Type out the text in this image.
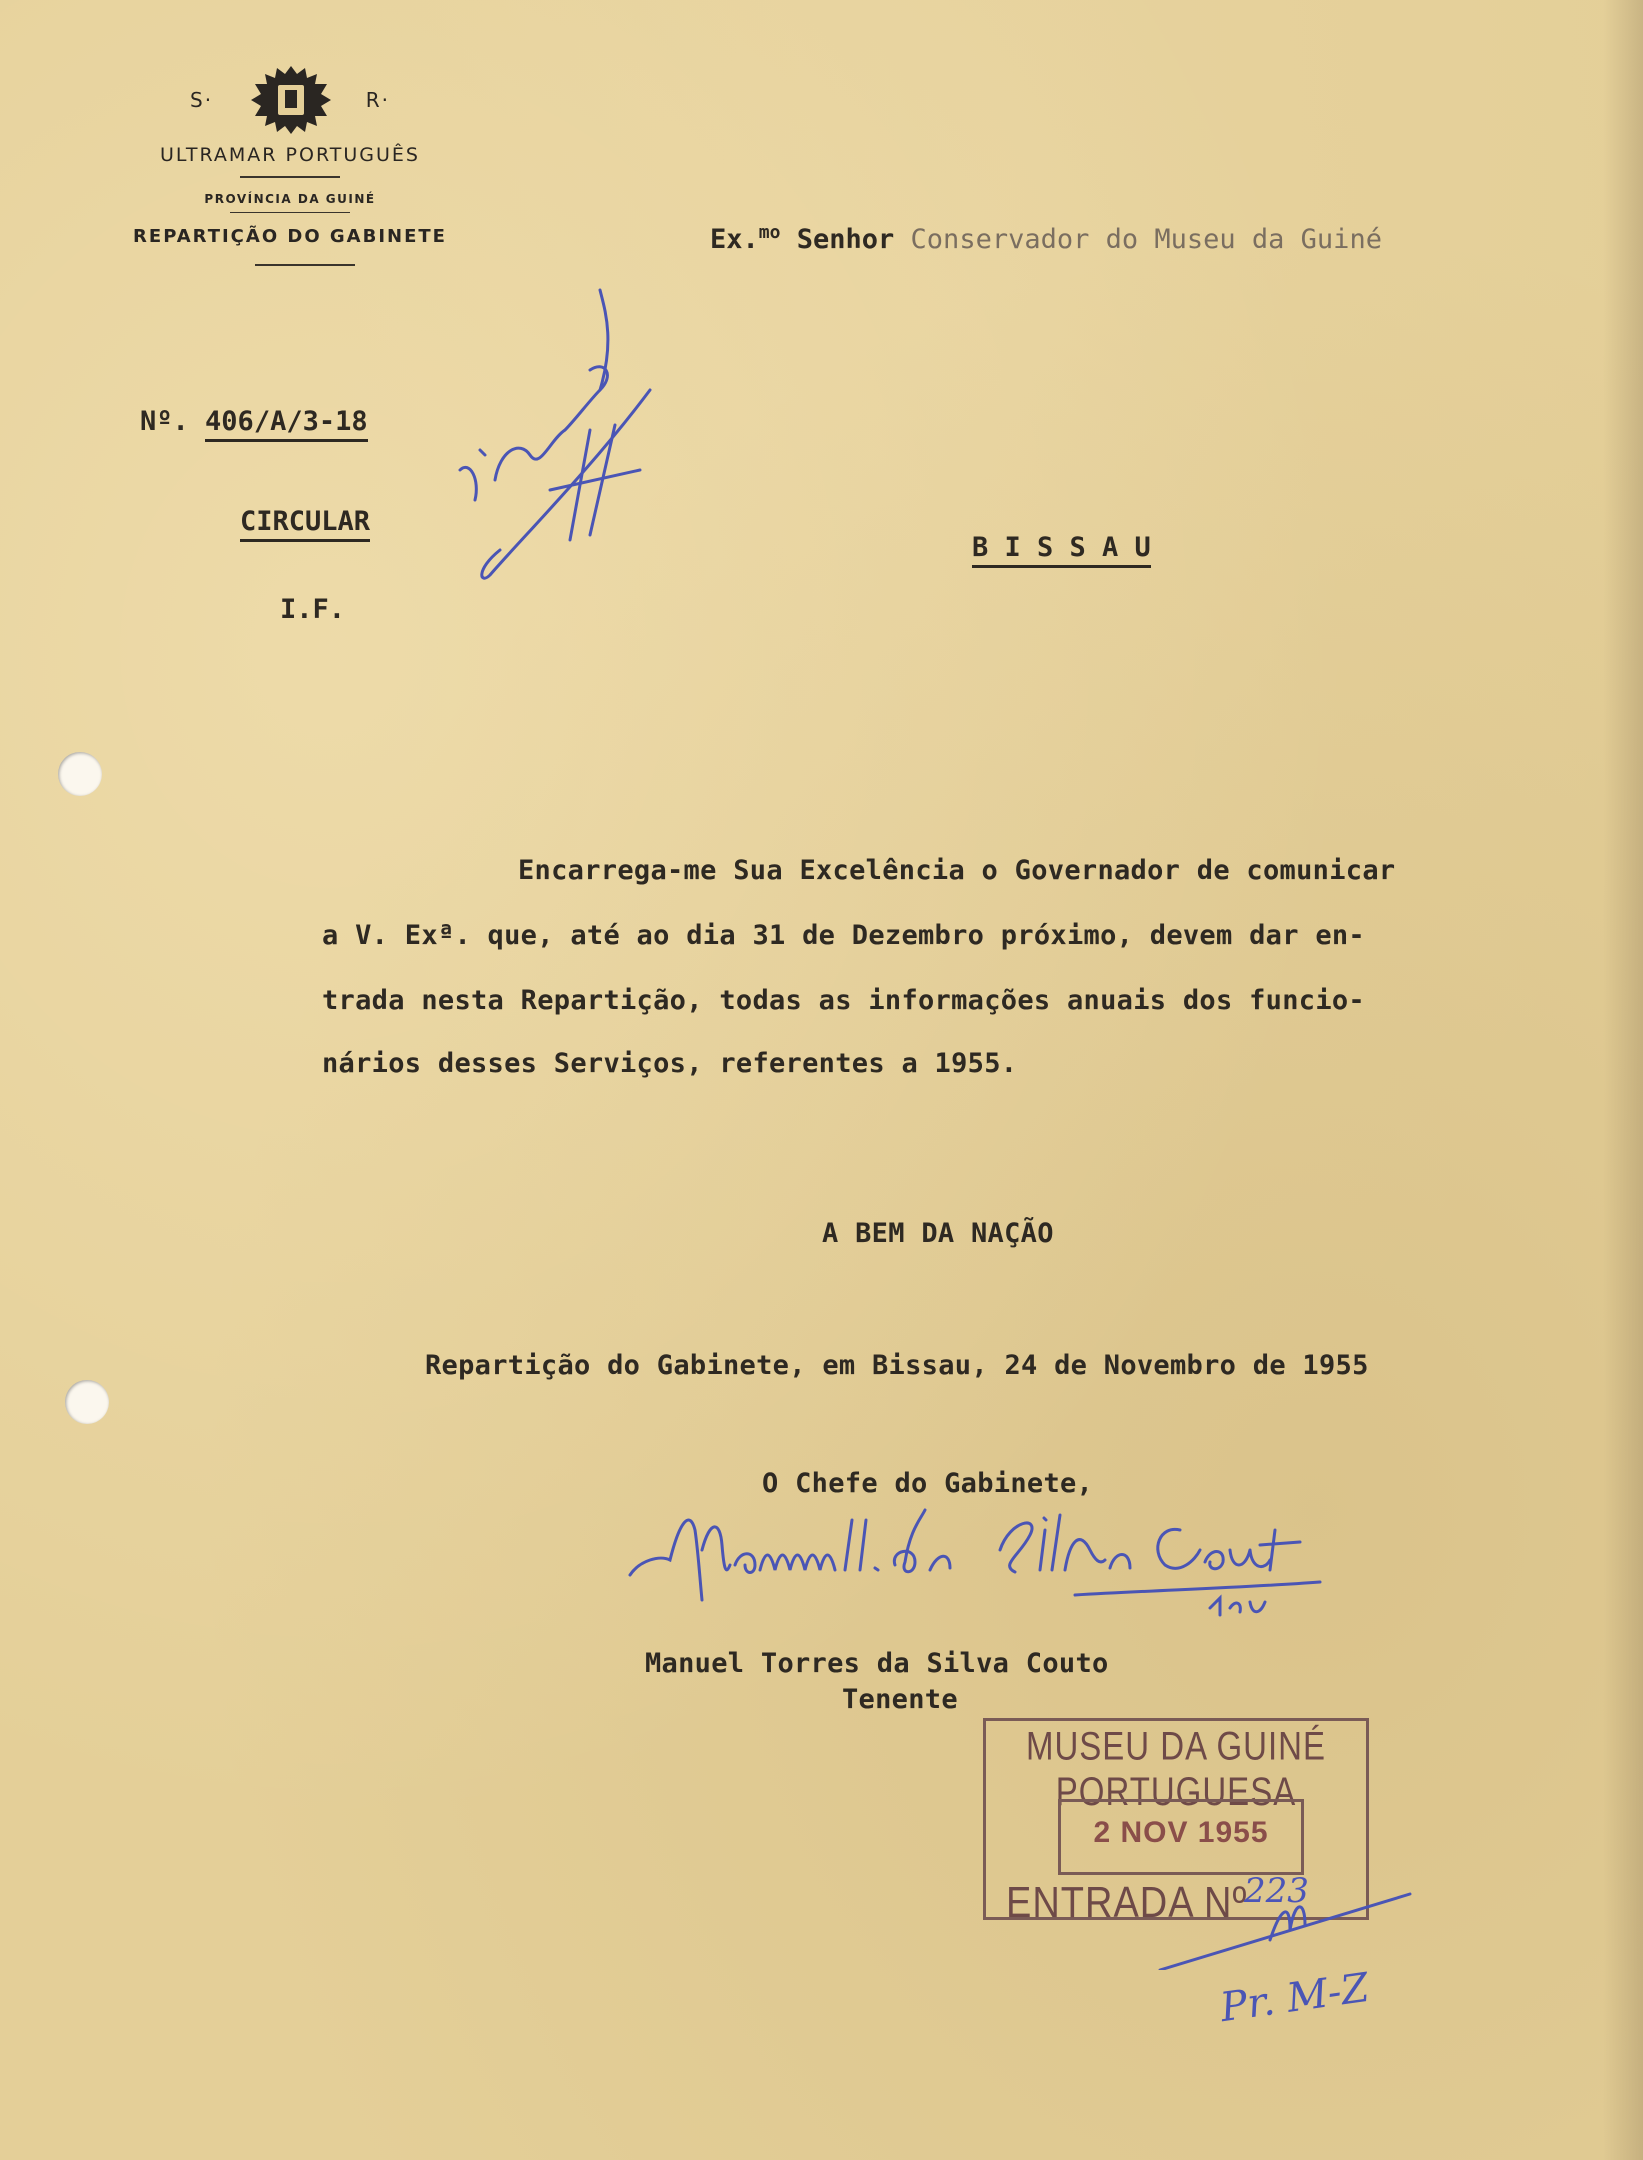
S·	R·
ULTRAMAR PORTUGUÊS
PROVÍNCIA DA GUINÉ
REPARTIÇÃO DO GABINETE	Ex.$^{mo}$ Senhor Conservador do Museu da Guiné
Nº. 406/A/3-18
CIRCULAR
I.F.
B I S S A U
Encarrega-me Sua Excelência o Governador de comunicar
a V. Exª. que, até ao dia 31 de Dezembro próximo, devem dar en-
trada nesta Repartição, todas as informações anuais dos funcio-
nários desses Serviços, referentes a 1955.
A BEM DA NAÇÃO
Repartição do Gabinete, em Bissau, 24 de Novembro de 1955
O Chefe do Gabinete,
Manuel Torres da Silva Couto
Tenente
MUSEU DA GUINÉ PORTUGUESA
2 NOV 1955
ENTRADA Nº
223
Pr. M-Z
